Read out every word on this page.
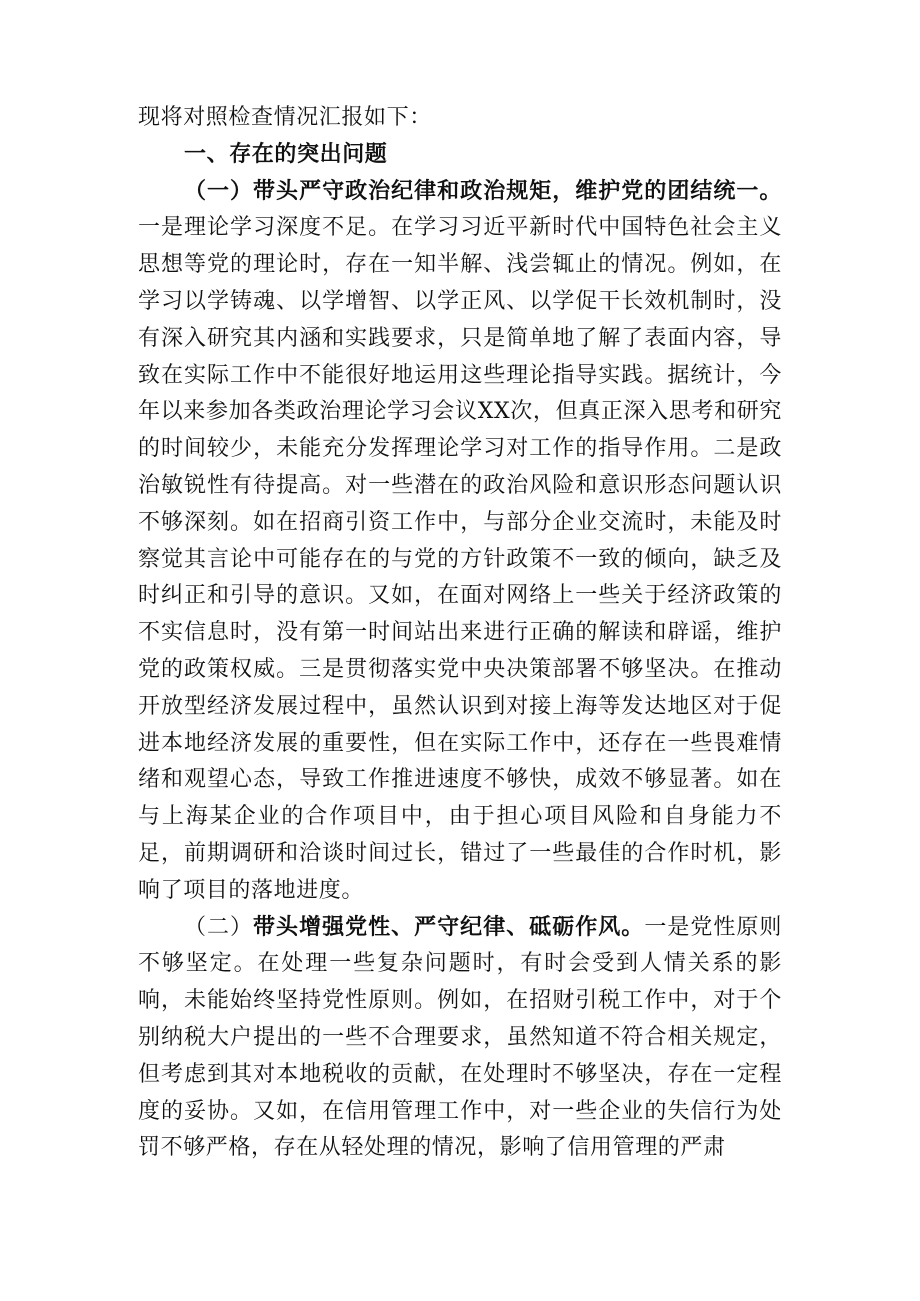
现将对照检查情况汇报如下：

一、存在的突出问题

（一）带头严守政治纪律和政治规矩，维护党的团结统一。一是理论学习深度不足。在学习习近平新时代中国特色社会主义思想等党的理论时，存在一知半解、浅尝辄止的情况。例如，在学习以学铸魂、以学增智、以学正风、以学促干长效机制时，没有深入研究其内涵和实践要求，只是简单地了解了表面内容，导致在实际工作中不能很好地运用这些理论指导实践。据统计，今年以来参加各类政治理论学习会议XX次，但真正深入思考和研究的时间较少，未能充分发挥理论学习对工作的指导作用。二是政治敏锐性有待提高。对一些潜在的政治风险和意识形态问题认识不够深刻。如在招商引资工作中，与部分企业交流时，未能及时察觉其言论中可能存在的与党的方针政策不一致的倾向，缺乏及时纠正和引导的意识。又如，在面对网络上一些关于经济政策的不实信息时，没有第一时间站出来进行正确的解读和辟谣，维护党的政策权威。三是贯彻落实党中央决策部署不够坚决。在推动开放型经济发展过程中，虽然认识到对接上海等发达地区对于促进本地经济发展的重要性，但在实际工作中，还存在一些畏难情绪和观望心态，导致工作推进速度不够快，成效不够显著。如在与上海某企业的合作项目中，由于担心项目风险和自身能力不足，前期调研和洽谈时间过长，错过了一些最佳的合作时机，影响了项目的落地进度。

（二）带头增强党性、严守纪律、砥砺作风。一是党性原则不够坚定。在处理一些复杂问题时，有时会受到人情关系的影响，未能始终坚持党性原则。例如，在招财引税工作中，对于个别纳税大户提出的一些不合理要求，虽然知道不符合相关规定，但考虑到其对本地税收的贡献，在处理时不够坚决，存在一定程度的妥协。又如，在信用管理工作中，对一些企业的失信行为处罚不够严格，存在从轻处理的情况，影响了信用管理的严肃
